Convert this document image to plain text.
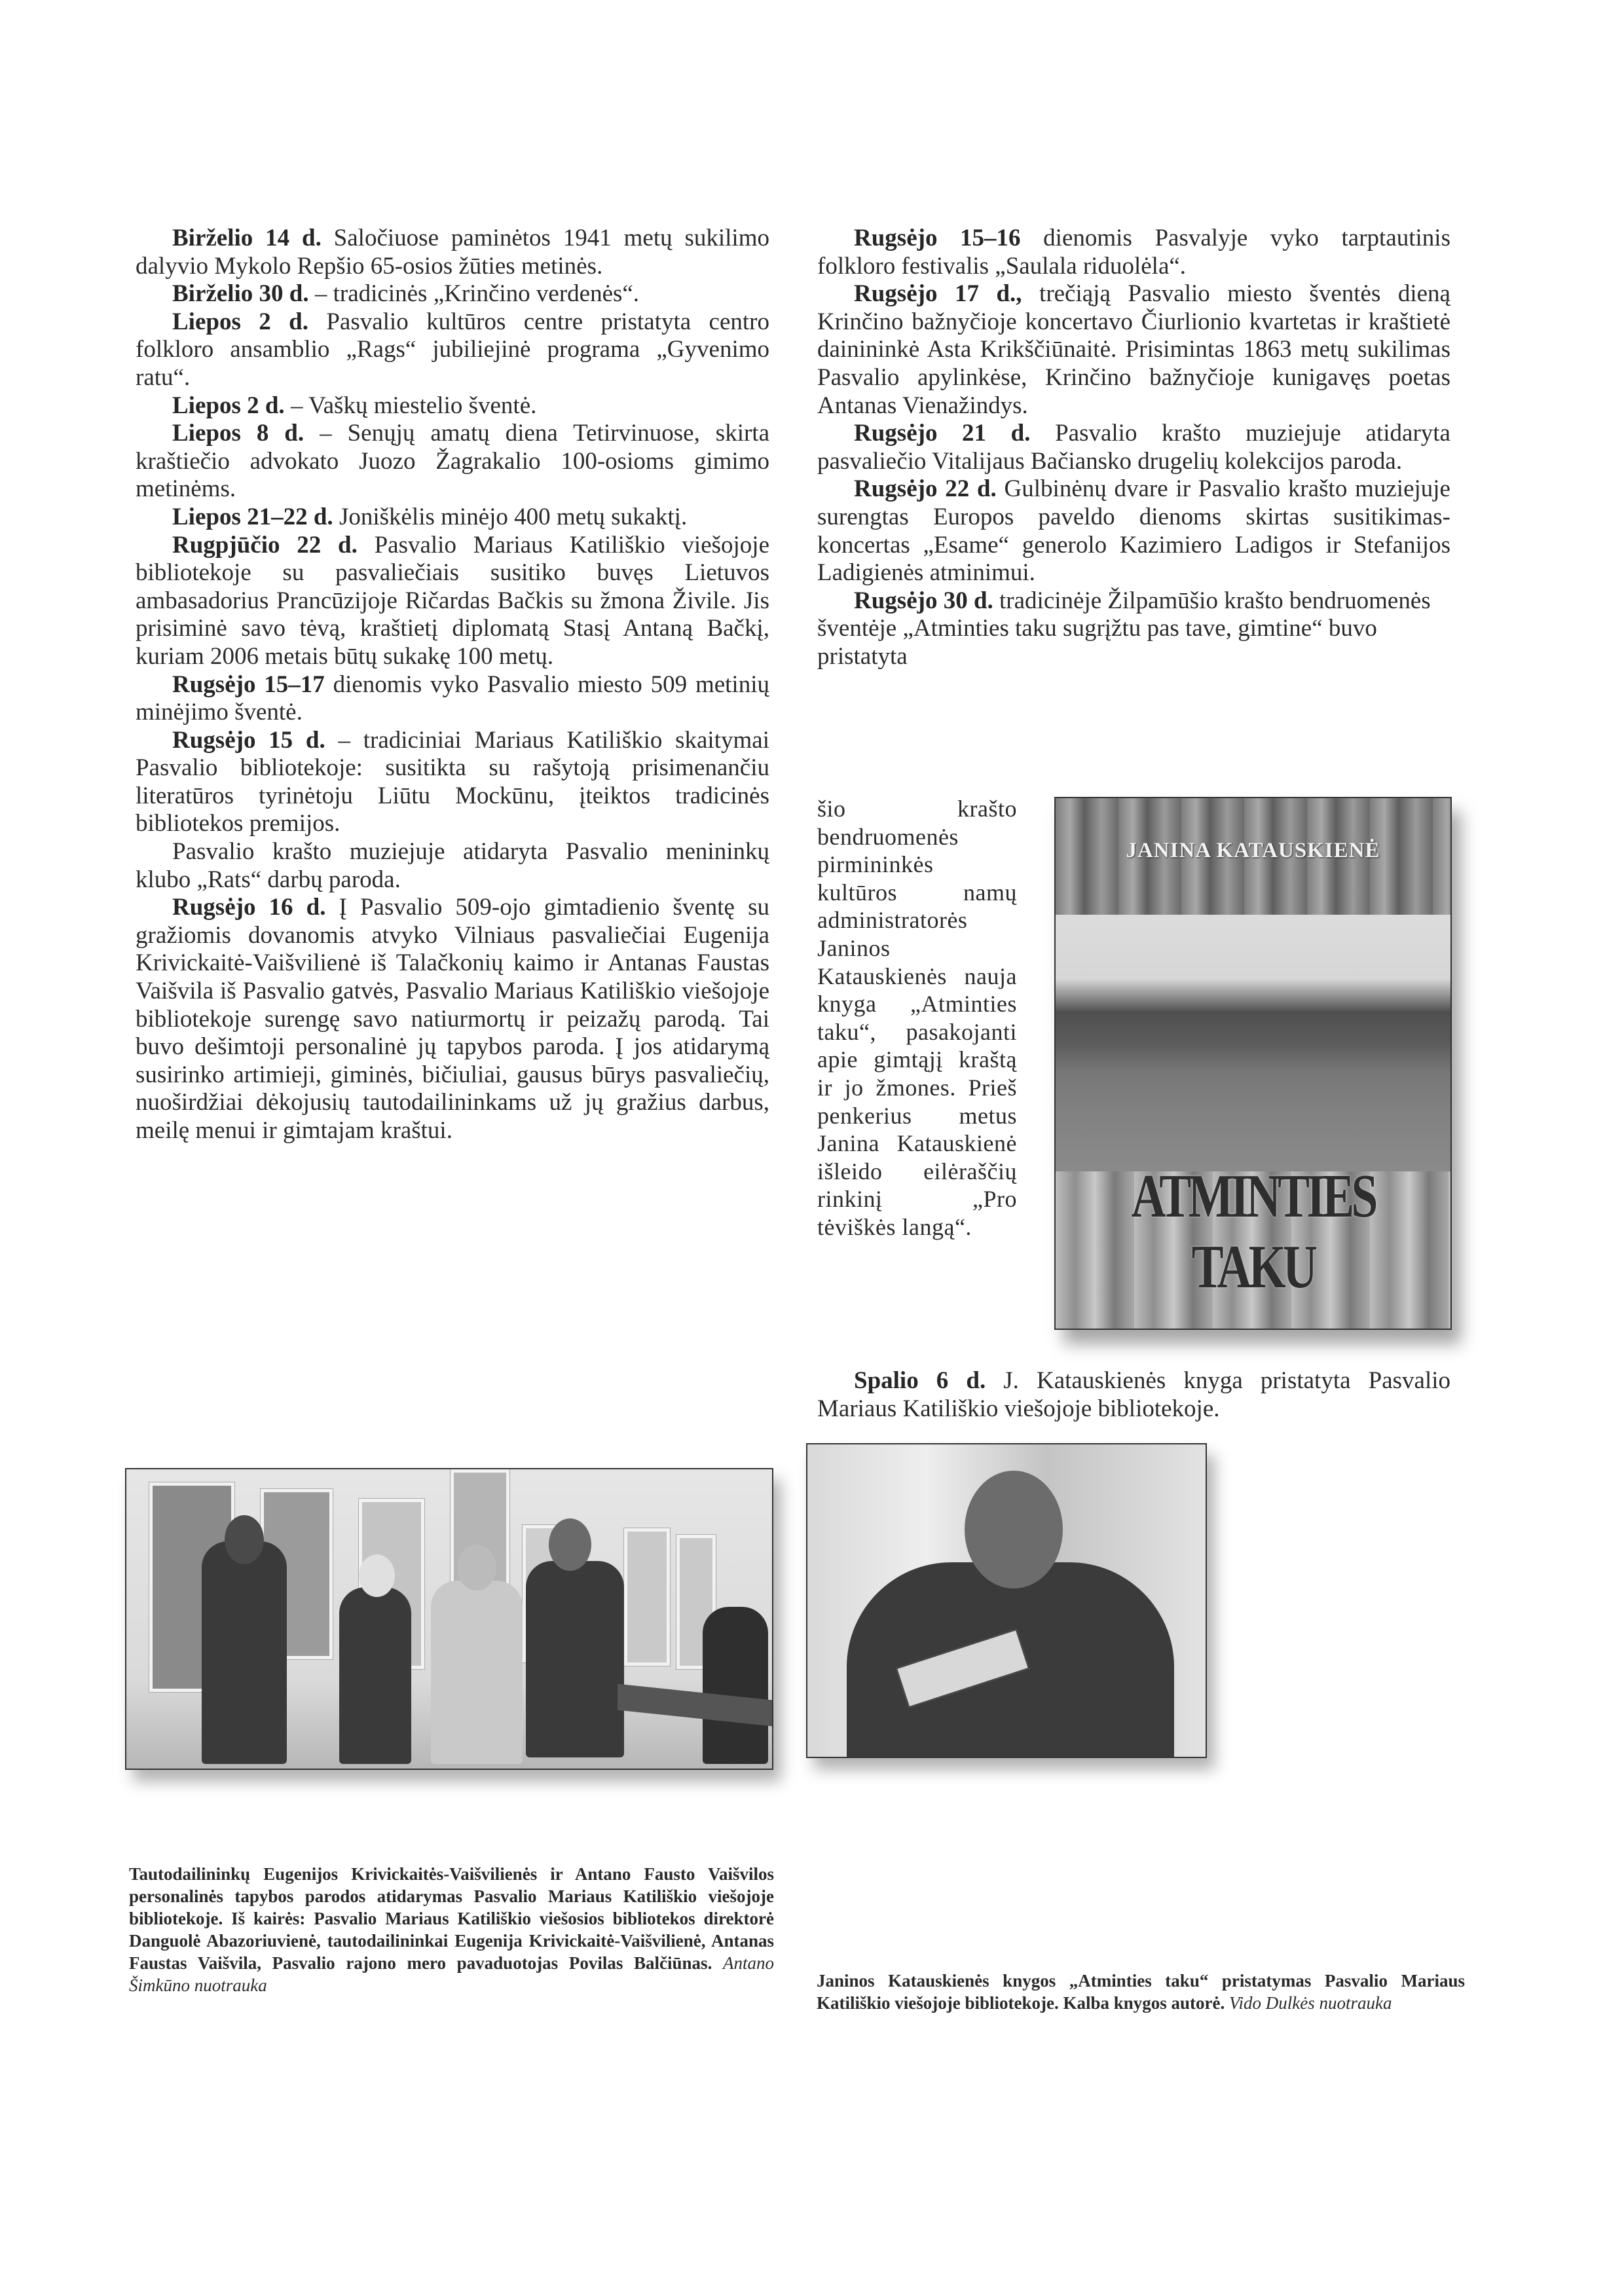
Birželio 14 d. Saločiuose paminėtos 1941 metų sukilimo dalyvio Mykolo Repšio 65-osios žūties metinės.

Birželio 30 d. – tradicinės „Krinčino verdenės“.

Liepos 2 d. Pasvalio kultūros centre pristatyta centro folkloro ansamblio „Rags“ jubiliejinė programa „Gyvenimo ratu“.

Liepos 2 d. – Vaškų miestelio šventė.

Liepos 8 d. – Senųjų amatų diena Tetirvinuose, skirta kraštiečio advokato Juozo Žagrakalio 100-osioms gimimo metinėms.

Liepos 21–22 d. Joniškėlis minėjo 400 metų sukaktį.

Rugpjūčio 22 d. Pasvalio Mariaus Katiliškio viešojoje bibliotekoje su pasvaliečiais susitiko buvęs Lietuvos ambasadorius Prancūzijoje Ričardas Bačkis su žmona Živile. Jis prisiminė savo tėvą, kraštietį diplomatą Stasį Antaną Bačkį, kuriam 2006 metais būtų sukakę 100 metų.

Rugsėjo 15–17 dienomis vyko Pasvalio miesto 509 metinių minėjimo šventė.

Rugsėjo 15 d. – tradiciniai Mariaus Katiliškio skaitymai Pasvalio bibliotekoje: susitikta su rašytoją prisimenančiu literatūros tyrinėtoju Liūtu Mockūnu, įteiktos tradicinės bibliotekos premijos.

Pasvalio krašto muziejuje atidaryta Pasvalio menininkų klubo „Rats“ darbų paroda.

Rugsėjo 16 d. Į Pasvalio 509-ojo gimtadienio šventę su gražiomis dovanomis atvyko Vilniaus pasvaliečiai Eugenija Krivickaitė-Vaišvilienė iš Talačkonių kaimo ir Antanas Faustas Vaišvila iš Pasvalio gatvės, Pasvalio Mariaus Katiliškio viešojoje bibliotekoje surengę savo natiurmortų ir peizažų parodą. Tai buvo dešimtoji personalinė jų tapybos paroda. Į jos atidarymą susirinko artimieji, giminės, bičiuliai, gausus būrys pasvaliečių, nuoširdžiai dėkojusių tautodailininkams už jų gražius darbus, meilę menui ir gimtajam kraštui.

Rugsėjo 15–16 dienomis Pasvalyje vyko tarptautinis folkloro festivalis „Saulala riduolėla“.

Rugsėjo 17 d., trečiąją Pasvalio miesto šventės dieną Krinčino bažnyčioje koncertavo Čiurlionio kvartetas ir kraštietė dainininkė Asta Krikščiūnaitė. Prisimintas 1863 metų sukilimas Pasvalio apylinkėse, Krinčino bažnyčioje kunigavęs poetas Antanas Vienažindys.

Rugsėjo 21 d. Pasvalio krašto muziejuje atidaryta pasvaliečio Vitalijaus Bačiansko drugelių kolekcijos paroda.

Rugsėjo 22 d. Gulbinėnų dvare ir Pasvalio krašto muziejuje surengtas Europos paveldo dienoms skirtas susitikimas-koncertas „Esame“ generolo Kazimiero Ladigos ir Stefanijos Ladigienės atminimui.

Rugsėjo 30 d. tradicinėje Žilpamūšio krašto bendruomenės šventėje „Atminties taku sugrįžtu pas tave, gimtine“ buvo pristatyta

šio krašto bendruomenės pirmininkės kultūros namų administratorės Janinos Katauskienės nauja knyga „Atminties taku“, pasakojanti apie gimtąjį kraštą ir jo žmones. Prieš penkerius metus Janina Katauskienė išleido eilėraščių rinkinį „Pro tėviškės langą“.

JANINA KATAUSKIENĖ
ATMINTIES TAKU

Spalio 6 d. J. Katauskienės knyga pristatyta Pasvalio Mariaus Katiliškio viešojoje bibliotekoje.

Tautodailininkų Eugenijos Krivickaitės-Vaišvilienės ir Antano Fausto Vaišvilos personalinės tapybos parodos atidarymas Pasvalio Mariaus Katiliškio viešojoje bibliotekoje. Iš kairės: Pasvalio Mariaus Katiliškio viešosios bibliotekos direktorė Danguolė Abazoriuvienė, tautodailininkai Eugenija Krivickaitė-Vaišvilienė, Antanas Faustas Vaišvila, Pasvalio rajono mero pavaduotojas Povilas Balčiūnas. Antano Šimkūno nuotrauka	Janinos Katauskienės knygos „Atminties taku“ pristatymas Pasvalio Mariaus Katiliškio viešojoje bibliotekoje. Kalba knygos autorė. Vido Dulkės nuotrauka
